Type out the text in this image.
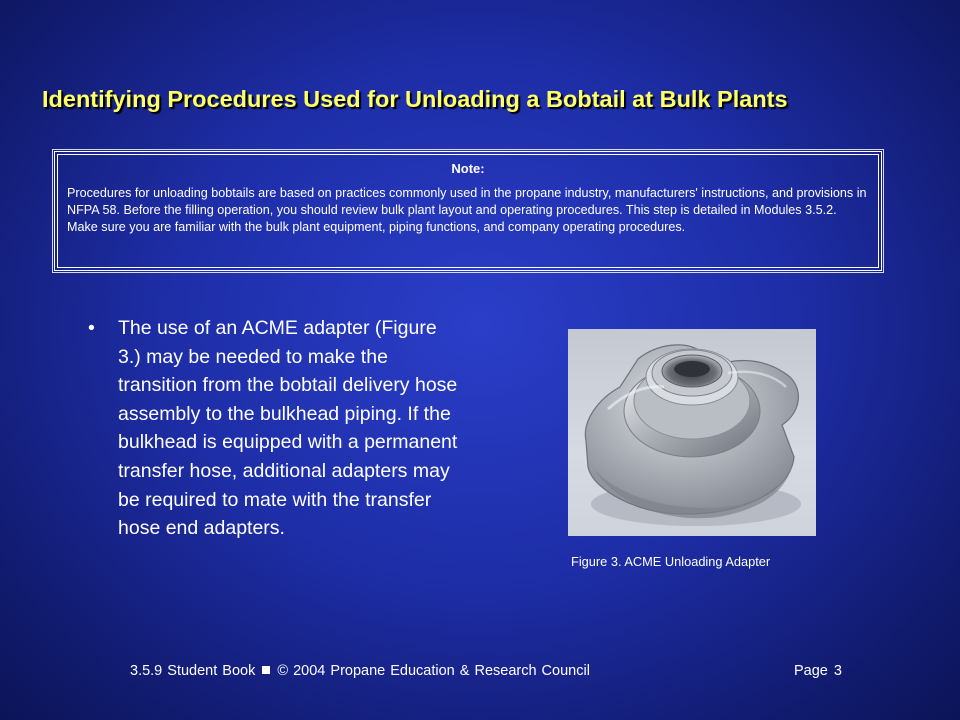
Identifying Procedures Used for Unloading a Bobtail at Bulk Plants
Note:
Procedures for unloading bobtails are based on practices commonly used in the propane industry, manufacturers' instructions, and provisions in NFPA 58. Before the filling operation, you should review bulk plant layout and operating procedures. This step is detailed in Modules 3.5.2. Make sure you are familiar with the bulk plant equipment, piping functions, and company operating procedures.
• The use of an ACME adapter (Figure 3.) may be needed to make the transition from the bobtail delivery hose assembly to the bulkhead piping. If the bulkhead is equipped with a permanent transfer hose, additional adapters may be required to mate with the transfer hose end adapters.
Figure 3. ACME Unloading Adapter
3.5.9 Student Book © 2004 Propane Education & Research Council	Page 3
